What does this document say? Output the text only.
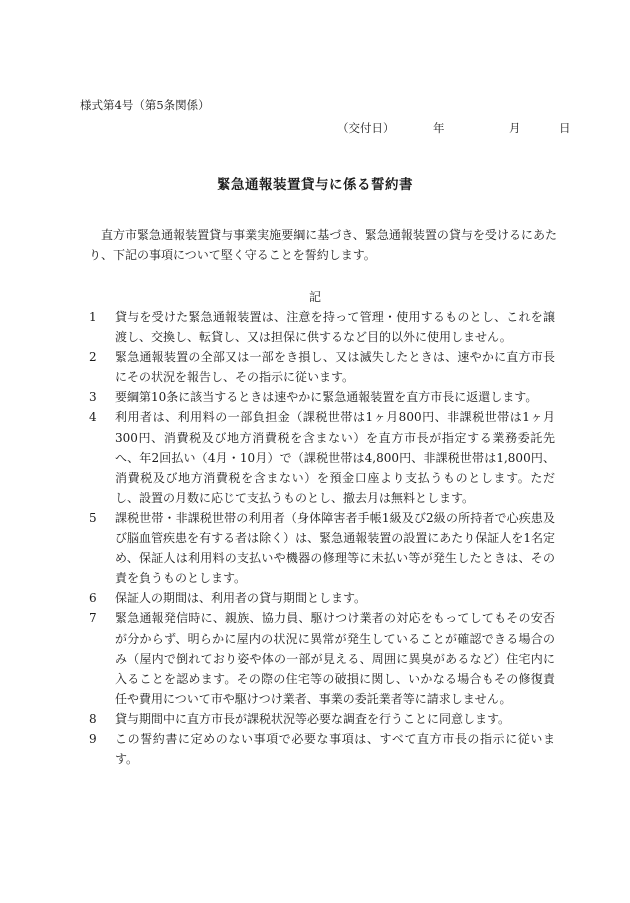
様式第4号（第5条関係）
（交付日）	年	月	日
緊急通報装置貸与に係る誓約書
直方市緊急通報装置貸与事業実施要綱に基づき、緊急通報装置の貸与を受けるにあたり、下記の事項について堅く守ることを誓約します。
記
1	貸与を受けた緊急通報装置は、注意を持って管理・使用するものとし、これを譲渡し、交換し、転貸し、又は担保に供するなど目的以外に使用しません。
2	緊急通報装置の全部又は一部をき損し、又は滅失したときは、速やかに直方市長にその状況を報告し、その指示に従います。
3	要綱第10条に該当するときは速やかに緊急通報装置を直方市長に返還します。
4	利用者は、利用料の一部負担金（課税世帯は1ヶ月800円、非課税世帯は1ヶ月300円、消費税及び地方消費税を含まない）を直方市長が指定する業務委託先へ、年2回払い（4月・10月）で（課税世帯は4,800円、非課税世帯は1,800円、消費税及び地方消費税を含まない）を預金口座より支払うものとします。ただし、設置の月数に応じて支払うものとし、撤去月は無料とします。
5	課税世帯・非課税世帯の利用者（身体障害者手帳1級及び2級の所持者で心疾患及び脳血管疾患を有する者は除く）は、緊急通報装置の設置にあたり保証人を1名定め、保証人は利用料の支払いや機器の修理等に未払い等が発生したときは、その責を負うものとします。
6	保証人の期間は、利用者の貸与期間とします。
7	緊急通報発信時に、親族、協力員、駆けつけ業者の対応をもってしてもその安否が分からず、明らかに屋内の状況に異常が発生していることが確認できる場合のみ（屋内で倒れており姿や体の一部が見える、周囲に異臭があるなど）住宅内に入ることを認めます。その際の住宅等の破損に関し、いかなる場合もその修復責任や費用について市や駆けつけ業者、事業の委託業者等に請求しません。
8	貸与期間中に直方市長が課税状況等必要な調査を行うことに同意します。
9	この誓約書に定めのない事項で必要な事項は、すべて直方市長の指示に従います。
